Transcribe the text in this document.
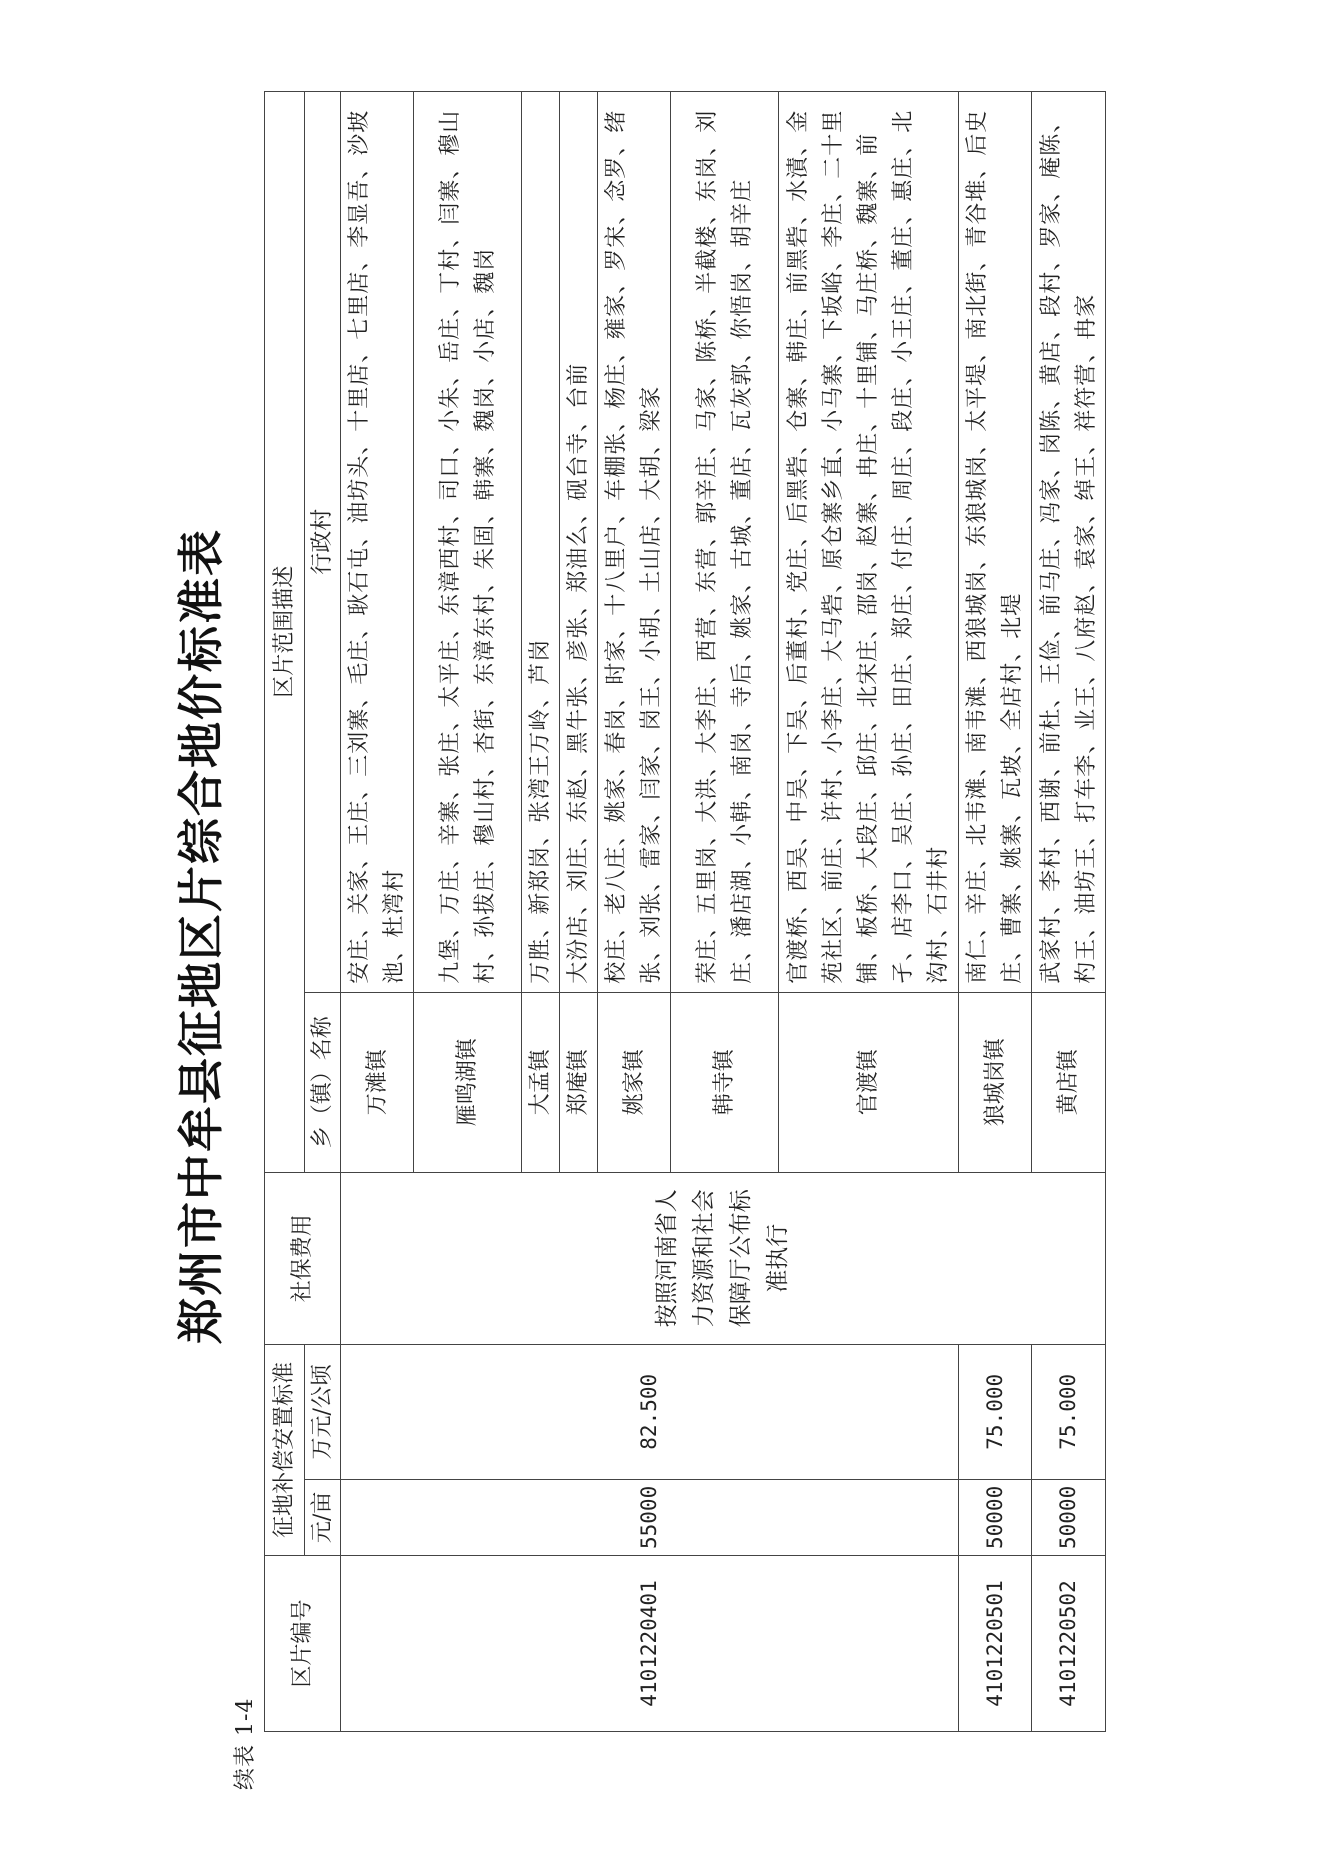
郑州市中牟县征地区片综合地价标准表
续表 1-4
区片编号	征地补偿安置标准		社保费用	区片范围描述	
	元/亩	万元/公顷		乡（镇）名称	行政村
4101220401	55000	82.500	按照河南省人力资源和社会保障厅公布标准执行	万滩镇	安庄、关家、王庄、三刘寨、毛庄、耿石屯、油坊头、十里店、七里店、李显吾、沙坡池、杜湾村
				雁鸣湖镇	九堡、万庄、辛寨、张庄、太平庄、东漳西村、司口、小朱、岳庄、丁村、闫寨、穆山村、孙拔庄、穆山村、杏街、东漳东村、朱固、韩寨、魏岗、小店、魏岗
				大孟镇	万胜、新郑岗、张湾王万岭、芦岗
				郑庵镇	大汾店、刘庄、东赵、黑牛张、彦张、郑油么、砚台寺、台前
				姚家镇	校庄、老八庄、姚家、春岗、时家、十八里户、车棚张、杨庄、雍家、罗宋、念罗、绪张、刘张、雷家、闫家、岗王、小胡、土山店、大胡、梁家
				韩寺镇	荣庄、五里岗、大洪、大李庄、西营、东营、郭辛庄、马家、陈桥、半截楼、东岗、刘庄、潘店湖、小韩、南岗、寺后、姚家、古城、董店、瓦灰郭、你悟岗、胡辛庄
				官渡镇	官渡桥、西吴、中吴、下吴、后董村、党庄、后黑砦、仓寨、韩庄、前黑砦、水漬、金苑社区、前庄、许村、小李庄、大马砦、原仓寨乡直、小马寨、下坂峪、李庄、二十里铺、板桥、大段庄、邱庄、北宋庄、邵岗、赵寨、冉庄、十里铺、马庄桥、魏寨、前孑、店李口、吴庄、孙庄、田庄、郑庄、付庄、周庄、段庄、小王庄、董庄、惠庄、北沟村、石井村
4101220501	50000	75.000		狼城岗镇	南仁、辛庄、北韦滩、南韦滩、西狼城岗、东狼城岗、太平堤、南北街、青谷堆、后史庄、曹寨、姚寨、瓦坡、全店村、北堤
4101220502	50000	75.000		黄店镇	武家村、李村、西谢、前杜、王俭、前马庄、冯家、岗陈、黄店、段村、罗家、庵陈、杓王、油坊王、打车李、业王、八府赵、袁家、绰王、祥符营、冉家
